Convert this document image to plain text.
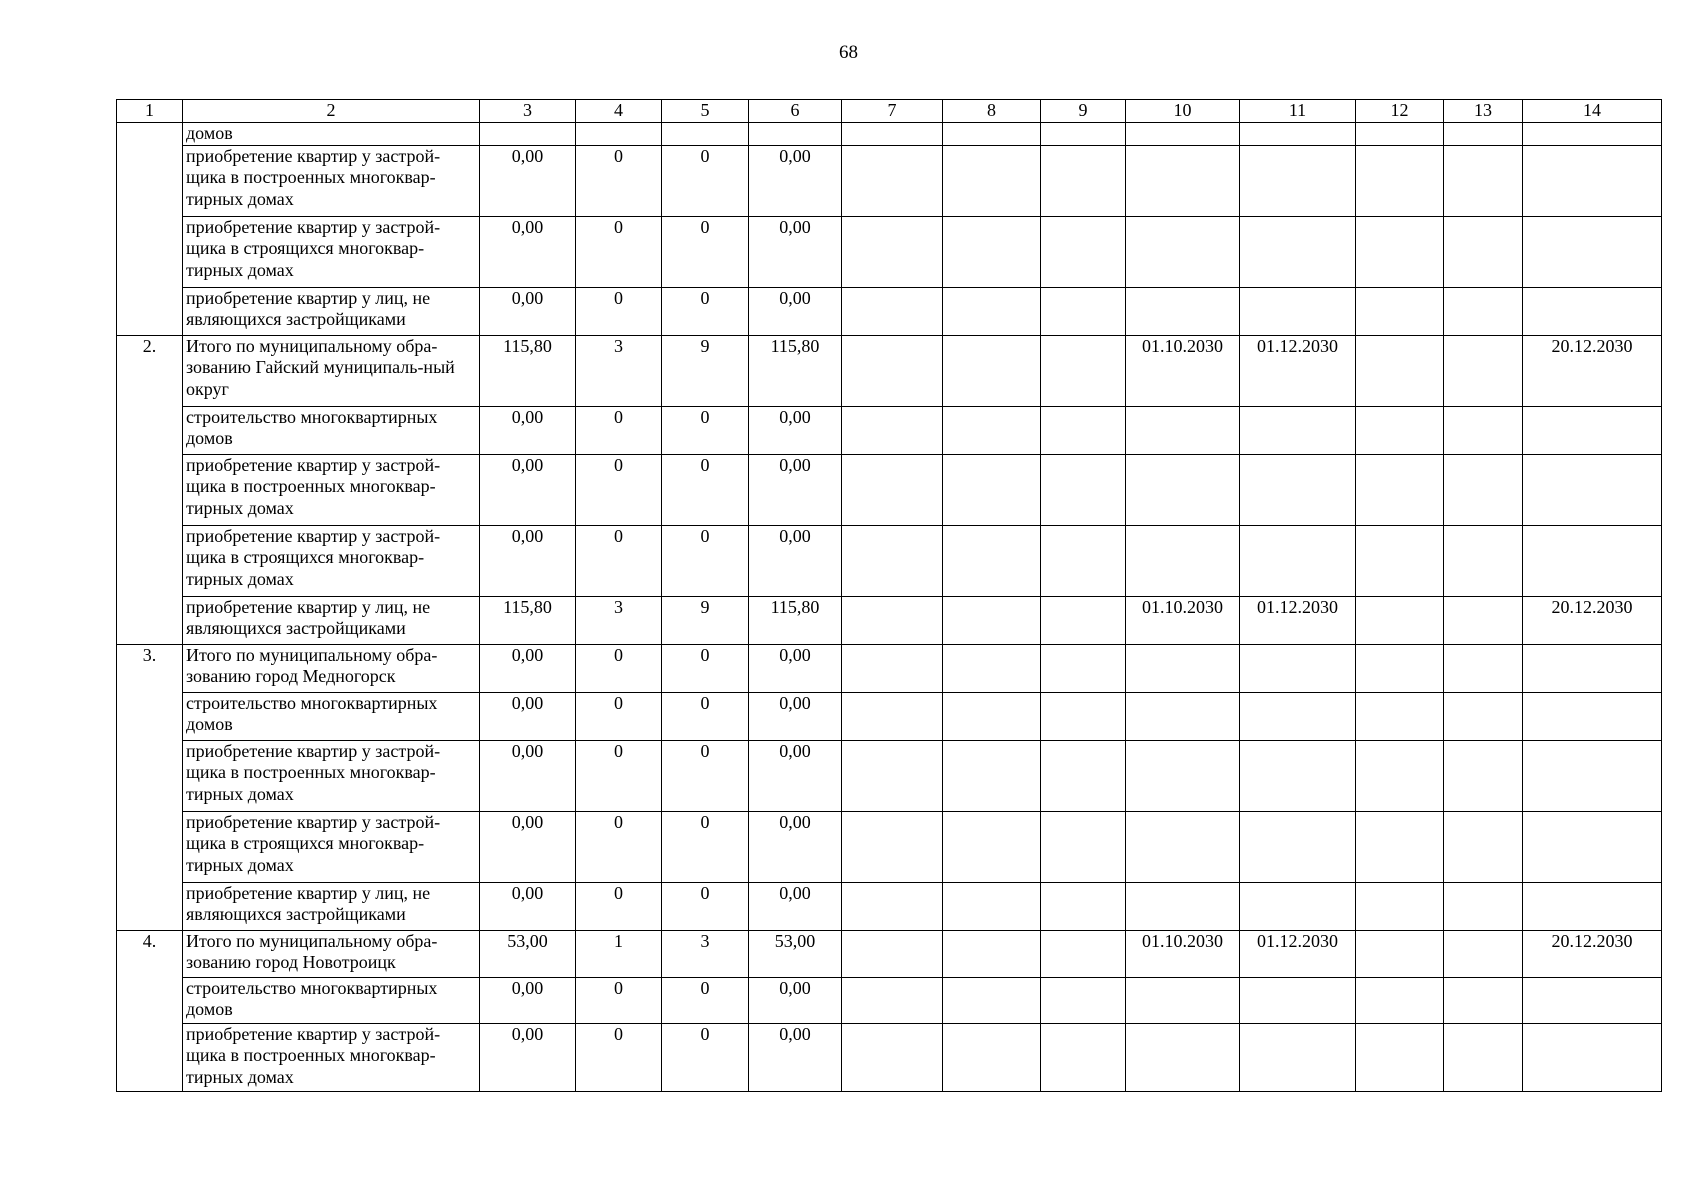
68
1	2	3	4	5	6	7	8	9	10	11	12	13	14
	домов												
	приобретение квартир у застрой-щика в построенных многоквар-тирных домах	0,00	0	0	0,00								
	приобретение квартир у застрой-щика в строящихся многоквар-тирных домах	0,00	0	0	0,00								
	приобретение квартир у лиц, не являющихся застройщиками	0,00	0	0	0,00								
2.	Итого по муниципальному обра-зованию Гайский муниципаль-ный округ	115,80	3	9	115,80				01.10.2030	01.12.2030			20.12.2030
	строительство многоквартирных домов	0,00	0	0	0,00								
	приобретение квартир у застрой-щика в построенных многоквар-тирных домах	0,00	0	0	0,00								
	приобретение квартир у застрой-щика в строящихся многоквар-тирных домах	0,00	0	0	0,00								
	приобретение квартир у лиц, не являющихся застройщиками	115,80	3	9	115,80				01.10.2030	01.12.2030			20.12.2030
3.	Итого по муниципальному обра-зованию город Медногорск	0,00	0	0	0,00								
	строительство многоквартирных домов	0,00	0	0	0,00								
	приобретение квартир у застрой-щика в построенных многоквар-тирных домах	0,00	0	0	0,00								
	приобретение квартир у застрой-щика в строящихся многоквар-тирных домах	0,00	0	0	0,00								
	приобретение квартир у лиц, не являющихся застройщиками	0,00	0	0	0,00								
4.	Итого по муниципальному обра-зованию город Новотроицк	53,00	1	3	53,00				01.10.2030	01.12.2030			20.12.2030
	строительство многоквартирных домов	0,00	0	0	0,00								
	приобретение квартир у застрой-щика в построенных многоквар-тирных домах	0,00	0	0	0,00								
